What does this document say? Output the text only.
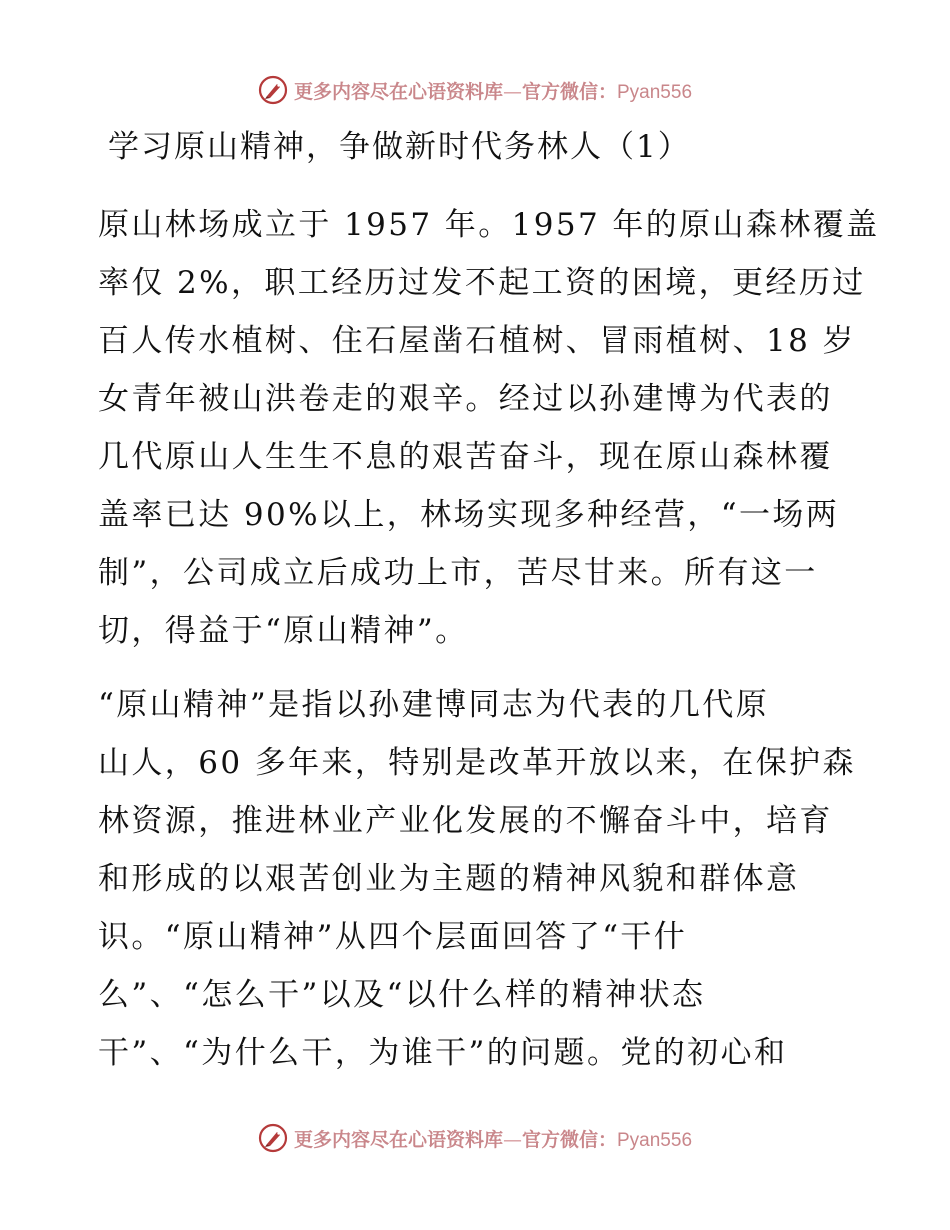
更多内容尽在心语资料库—官方微信：Pyan556
学习原山精神，争做新时代务林人（1）
原山林场成立于 1957 年。1957 年的原山森林覆盖
率仅 2%，职工经历过发不起工资的困境，更经历过
百人传水植树、住石屋凿石植树、冒雨植树、18 岁
女青年被山洪卷走的艰辛。经过以孙建博为代表的
几代原山人生生不息的艰苦奋斗，现在原山森林覆
盖率已达 90%以上，林场实现多种经营，“一场两
制”，公司成立后成功上市，苦尽甘来。所有这一
切，得益于“原山精神”。
“原山精神”是指以孙建博同志为代表的几代原
山人，60 多年来，特别是改革开放以来，在保护森
林资源，推进林业产业化发展的不懈奋斗中，培育
和形成的以艰苦创业为主题的精神风貌和群体意
识。“原山精神”从四个层面回答了“干什
么”、“怎么干”以及“以什么样的精神状态
干”、“为什么干，为谁干”的问题。党的初心和
更多内容尽在心语资料库—官方微信：Pyan556
